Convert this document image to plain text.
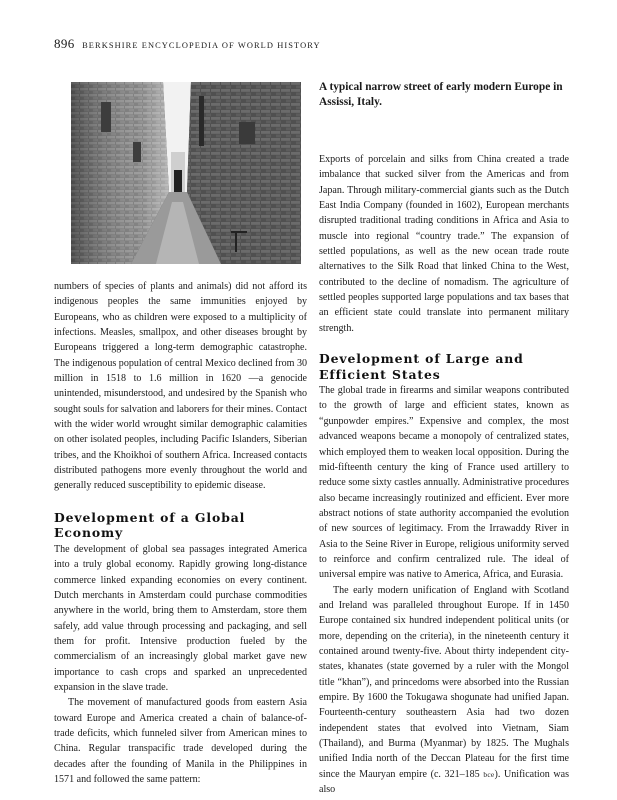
896 BERKSHIRE ENCYCLOPEDIA OF WORLD HISTORY
A typical narrow street of early modern Europe in Assissi, Italy.

numbers of species of plants and animals) did not afford its indigenous peoples the same immunities enjoyed by Europeans, who as children were exposed to a multiplicity of infections. Measles, smallpox, and other diseases brought by Europeans triggered a long-term demographic catastrophe. The indigenous population of central Mexico declined from 30 million in 1518 to 1.6 million in 1620 —a genocide unintended, misunderstood, and undesired by the Spanish who sought souls for salvation and laborers for their mines. Contact with the wider world wrought similar demographic calamities on other isolated peoples, including Pacific Islanders, Siberian tribes, and the Khoikhoi of southern Africa. Increased contacts distributed pathogens more evenly throughout the world and generally reduced susceptibility to epidemic disease.

Development of a Global Economy

The development of global sea passages integrated America into a truly global economy. Rapidly growing long-distance commerce linked expanding economies on every continent. Dutch merchants in Amsterdam could purchase commodities anywhere in the world, bring them to Amsterdam, store them safely, add value through processing and packaging, and sell them for profit. Intensive production fueled by the commercialism of an increasingly global market gave new importance to cash crops and sparked an unprecedented expansion in the slave trade.

The movement of manufactured goods from eastern Asia toward Europe and America created a chain of balance-of-trade deficits, which funneled silver from American mines to China. Regular transpacific trade developed during the decades after the founding of Manila in the Philippines in 1571 and followed the same pattern:

Exports of porcelain and silks from China created a trade imbalance that sucked silver from the Americas and from Japan. Through military-commercial giants such as the Dutch East India Company (founded in 1602), European merchants disrupted traditional trading conditions in Africa and Asia to muscle into regional “country trade.” The expansion of settled populations, as well as the new ocean trade route alternatives to the Silk Road that linked China to the West, contributed to the decline of nomadism. The agriculture of settled peoples supported large populations and tax bases that an efficient state could translate into permanent military strength.

Development of Large and Efficient States

The global trade in firearms and similar weapons contributed to the growth of large and efficient states, known as “gunpowder empires.” Expensive and complex, the most advanced weapons became a monopoly of centralized states, which employed them to weaken local opposition. During the mid-fifteenth century the king of France used artillery to reduce some sixty castles annually. Administrative procedures also became increasingly routinized and efficient. Ever more abstract notions of state authority accompanied the evolution of new sources of legitimacy. From the Irrawaddy River in Asia to the Seine River in Europe, religious uniformity served to reinforce and confirm centralized rule. The ideal of universal empire was native to America, Africa, and Eurasia.

The early modern unification of England with Scotland and Ireland was paralleled throughout Europe. If in 1450 Europe contained six hundred independent political units (or more, depending on the criteria), in the nineteenth century it contained around twenty-five. About thirty independent city-states, khanates (state governed by a ruler with the Mongol title “khan”), and princedoms were absorbed into the Russian empire. By 1600 the Tokugawa shogunate had unified Japan. Fourteenth-century southeastern Asia had two dozen independent states that evolved into Vietnam, Siam (Thailand), and Burma (Myanmar) by 1825. The Mughals unified India north of the Deccan Plateau for the first time since the Mauryan empire (c. 321–185 bce). Unification was also
